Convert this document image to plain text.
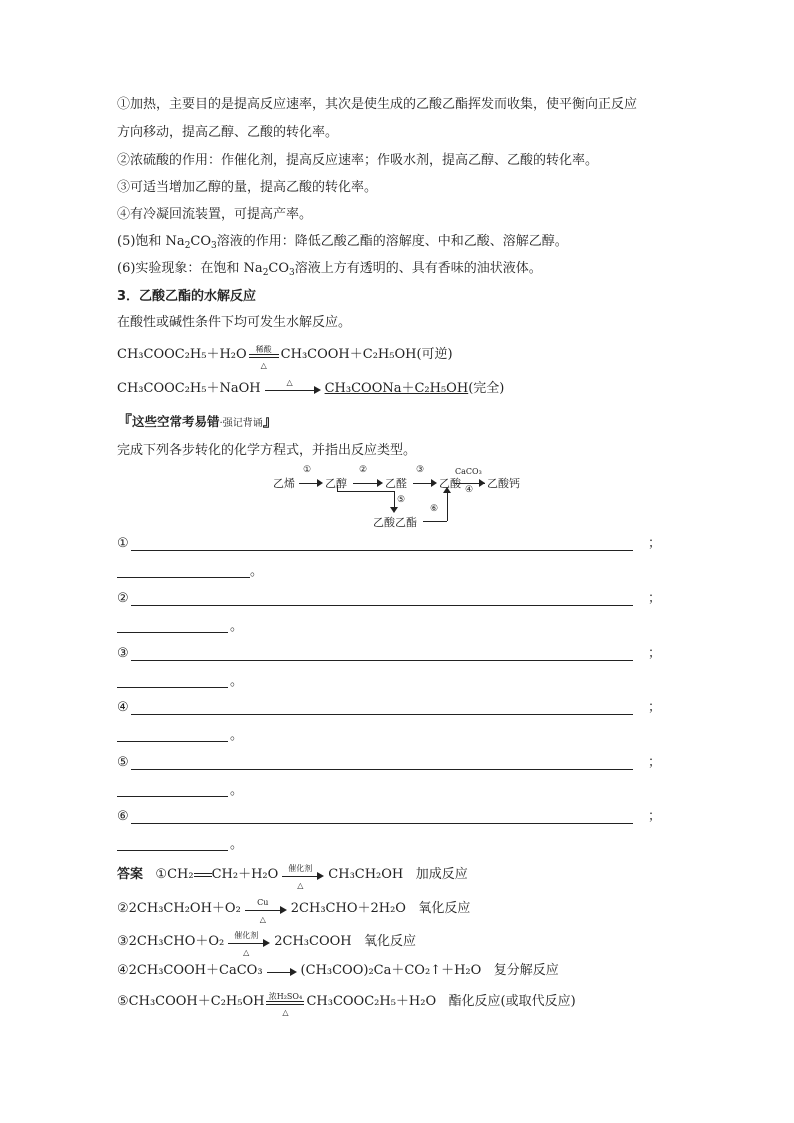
①加热，主要目的是提高反应速率，其次是使生成的乙酸乙酯挥发而收集，使平衡向正反应
方向移动，提高乙醇、乙酸的转化率。
②浓硫酸的作用：作催化剂，提高反应速率；作吸水剂，提高乙醇、乙酸的转化率。
③可适当增加乙醇的量，提高乙酸的转化率。
④有冷凝回流装置，可提高产率。
(5)饱和 $Na_2CO_3$溶液的作用：降低乙酸乙酯的溶解度、中和乙酸、溶解乙醇。
(6)实验现象：在饱和 $Na_2CO_3$溶液上方有透明的、具有香味的油状液体。
3．乙酸乙酯的水解反应
在酸性或碱性条件下均可发生水解反应。
CH₃COOC₂H₅＋H₂O	稀酸
△
CH₃COOH＋C₂H₅OH(可逆)
CH₃COOC₂H₅＋NaOH	△	CH₃COONa＋C₂H₅OH(完全)
『这些空常考易错·强记背诵』
完成下列各步转化的化学方程式，并指出反应类型。
乙烯
①
乙醇
②
乙醛
③
乙酸
CaCO₃
④ 乙酸钙
⑤
乙酸乙酯
⑥
①	；
。
②	；
。
③	；
。
④	；
。
⑤	；
。
⑥	；
。
答案 ①CH₂ CH₂＋H₂O	催化剂
△
CH₃CH₂OH 加成反应
②2CH₃CH₂OH＋O₂	Cu
△
2CH₃CHO＋2H₂O 氧化反应
③2CH₃CHO＋O₂	催化剂
△
2CH₃COOH 氧化反应
④2CH₃COOH＋CaCO₃	(CH₃COO)₂Ca＋CO₂↑＋H₂O 复分解反应
⑤CH₃COOH＋C₂H₅OH 浓H₂SO₄
△
CH₃COOC₂H₅＋H₂O 酯化反应(或取代反应)
